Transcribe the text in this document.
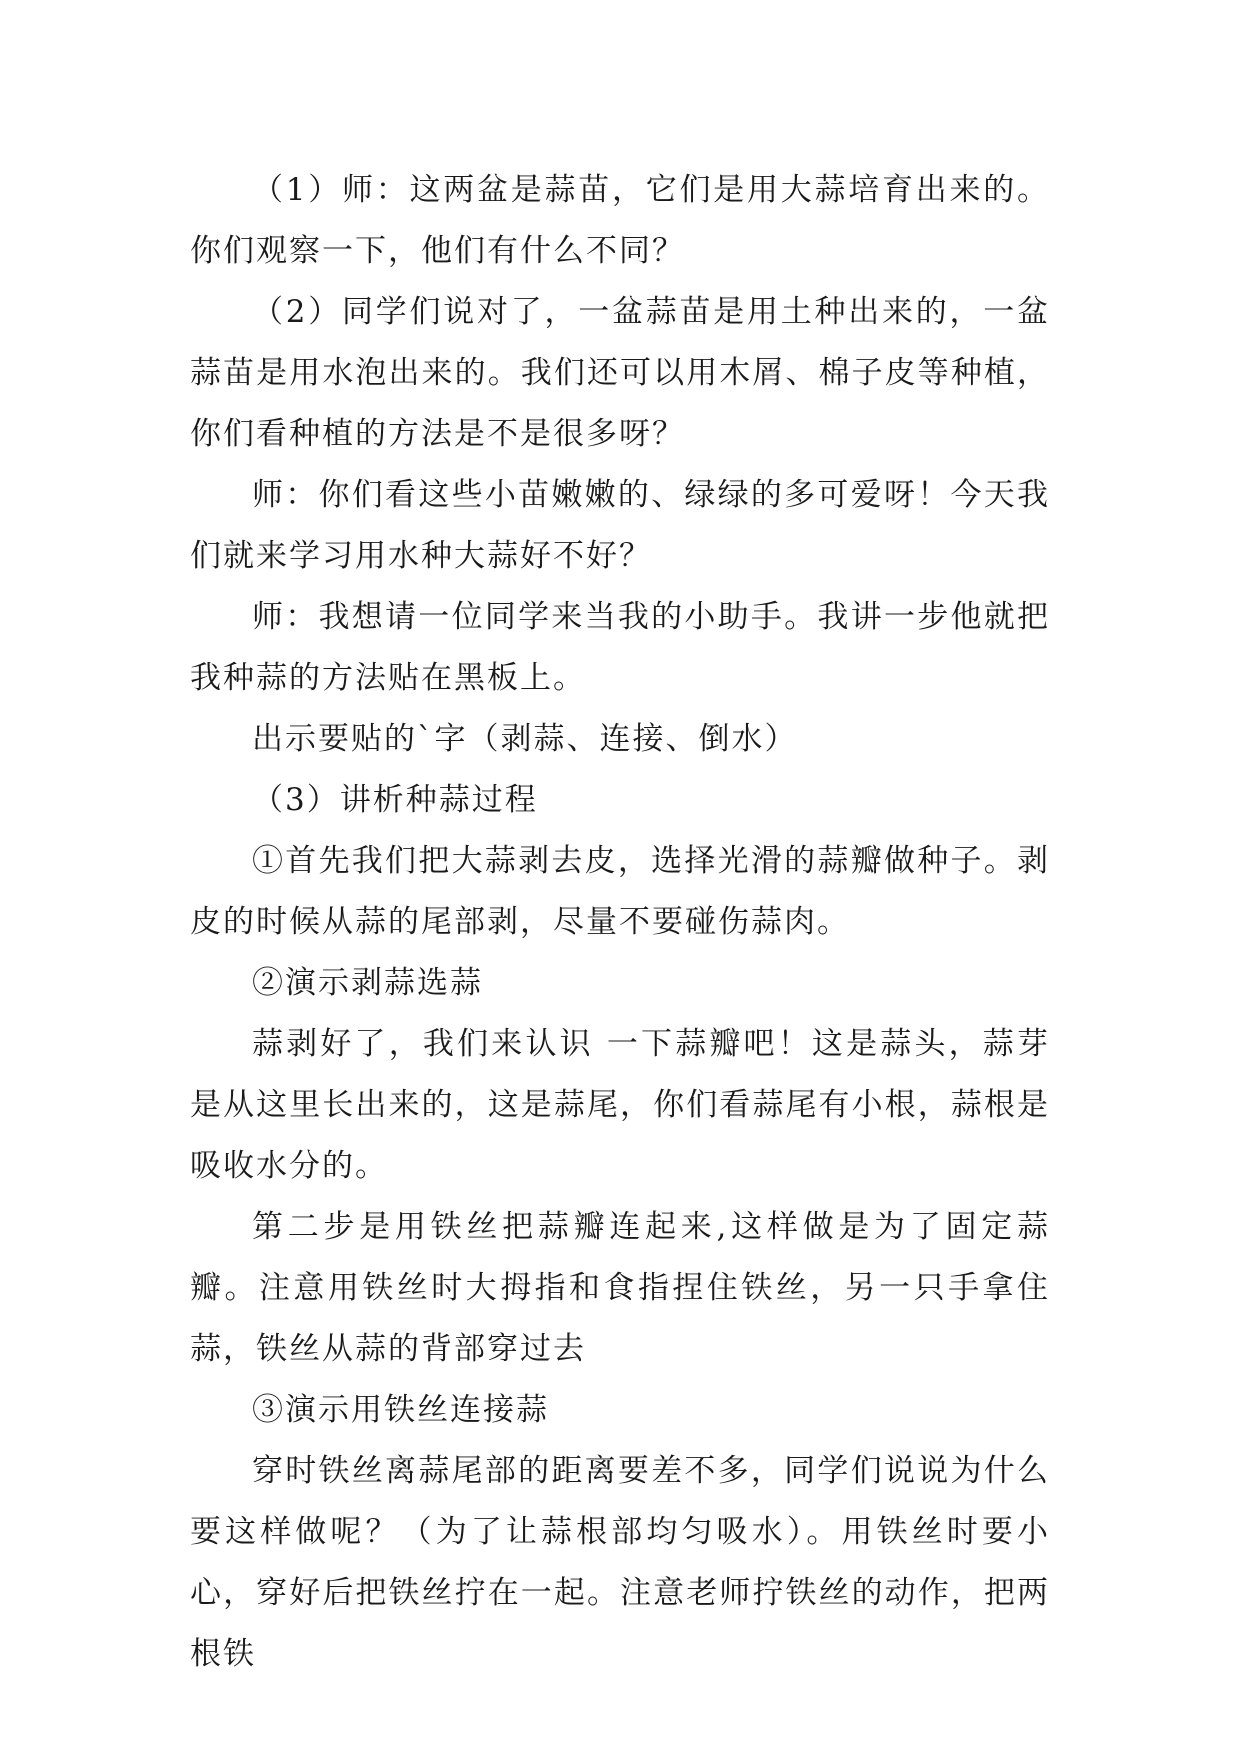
（1）师：这两盆是蒜苗，它们是用大蒜培育出来的。你们观察一下，他们有什么不同？

（2）同学们说对了，一盆蒜苗是用土种出来的，一盆蒜苗是用水泡出来的。我们还可以用木屑、棉子皮等种植，你们看种植的方法是不是很多呀？

师：你们看这些小苗嫩嫩的、绿绿的多可爱呀！今天我们就来学习用水种大蒜好不好？

师：我想请一位同学来当我的小助手。我讲一步他就把我种蒜的方法贴在黑板上。

出示要贴的`字（剥蒜、连接、倒水）

（3）讲析种蒜过程

①首先我们把大蒜剥去皮，选择光滑的蒜瓣做种子。剥皮的时候从蒜的尾部剥，尽量不要碰伤蒜肉。

②演示剥蒜选蒜

蒜剥好了，我们来认识 一下蒜瓣吧！这是蒜头，蒜芽是从这里长出来的，这是蒜尾，你们看蒜尾有小根，蒜根是吸收水分的。

第二步是用铁丝把蒜瓣连起来,这样做是为了固定蒜瓣。注意用铁丝时大拇指和食指捏住铁丝，另一只手拿住蒜，铁丝从蒜的背部穿过去

③演示用铁丝连接蒜

穿时铁丝离蒜尾部的距离要差不多，同学们说说为什么要这样做呢？（为了让蒜根部均匀吸水）。用铁丝时要小心，穿好后把铁丝拧在一起。注意老师拧铁丝的动作，把两根铁
